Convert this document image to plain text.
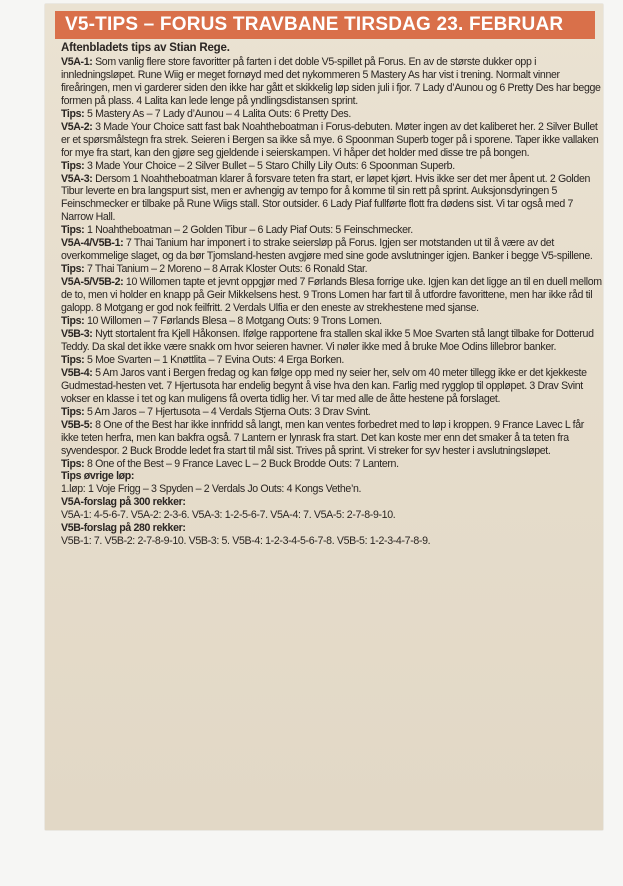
V5-TIPS – FORUS TRAVBANE TIRSDAG 23. FEBRUAR
Aftenbladets tips av Stian Rege.

V5A-1: Som vanlig flere store favoritter på farten i det doble V5-spillet på Forus. En av de største dukker opp i innledningsløpet. Rune Wiig er meget fornøyd med det nykommeren 5 Mastery As har vist i trening. Normalt vinner fireåringen, men vi garderer siden den ikke har gått et skikkelig løp siden juli i fjor. 7 Lady d’Aunou og 6 Pretty Des har begge formen på plass. 4 Lalita kan lede lenge på yndlingsdistansen sprint.

Tips: 5 Mastery As – 7 Lady d’Aunou – 4 Lalita Outs: 6 Pretty Des.

V5A-2: 3 Made Your Choice satt fast bak Noahtheboatman i Forus-debuten. Møter ingen av det kaliberet her. 2 Silver Bullet er et spørsmålstegn fra strek. Seieren i Bergen sa ikke så mye. 6 Spoonman Superb toger på i sporene. Taper ikke vallaken for mye fra start, kan den gjøre seg gjeldende i seierskampen. Vi håper det holder med disse tre på bongen.

Tips: 3 Made Your Choice – 2 Silver Bullet – 5 Staro Chilly Lily Outs: 6 Spoonman Superb.

V5A-3: Dersom 1 Noahtheboatman klarer å forsvare teten fra start, er løpet kjørt. Hvis ikke ser det mer åpent ut. 2 Golden Tibur leverte en bra langspurt sist, men er avhengig av tempo for å komme til sin rett på sprint. Auksjonsdyringen 5 Feinschmecker er tilbake på Rune Wiigs stall. Stor outsider. 6 Lady Piaf fullførte flott fra dødens sist. Vi tar også med 7 Narrow Hall.

Tips: 1 Noahtheboatman – 2 Golden Tibur – 6 Lady Piaf Outs: 5 Feinschmecker.

V5A-4/V5B-1: 7 Thai Tanium har imponert i to strake seiersløp på Forus. Igjen ser motstanden ut til å være av det overkommelige slaget, og da bør Tjomsland-hesten avgjøre med sine gode avslutninger igjen. Banker i begge V5-spillene.

Tips: 7 Thai Tanium – 2 Moreno – 8 Arrak Kloster Outs: 6 Ronald Star.

V5A-5/V5B-2: 10 Willomen tapte et jevnt oppgjør med 7 Førlands Blesa forrige uke. Igjen kan det ligge an til en duell mellom de to, men vi holder en knapp på Geir Mikkelsens hest. 9 Trons Lomen har fart til å utfordre favorittene, men har ikke råd til galopp. 8 Motgang er god nok feilfritt. 2 Verdals Ulfia er den eneste av strekhestene med sjanse.

Tips: 10 Willomen – 7 Førlands Blesa – 8 Motgang Outs: 9 Trons Lomen.

V5B-3: Nytt stortalent fra Kjell Håkonsen. Ifølge rapportene fra stallen skal ikke 5 Moe Svarten stå langt tilbake for Dotterud Teddy. Da skal det ikke være snakk om hvor seieren havner. Vi nøler ikke med å bruke Moe Odins lillebror banker.

Tips: 5 Moe Svarten – 1 Knøttlita – 7 Evina Outs: 4 Erga Borken.

V5B-4: 5 Am Jaros vant i Bergen fredag og kan følge opp med ny seier her, selv om 40 meter tillegg ikke er det kjekkeste Gudmestad-hesten vet. 7 Hjertusota har endelig begynt å vise hva den kan. Farlig med rygglop til oppløpet. 3 Drav Svint vokser en klasse i tet og kan muligens få overta tidlig her. Vi tar med alle de åtte hestene på forslaget.

Tips: 5 Am Jaros – 7 Hjertusota – 4 Verdals Stjerna Outs: 3 Drav Svint.

V5B-5: 8 One of the Best har ikke innfridd så langt, men kan ventes forbedret med to løp i kroppen. 9 France Lavec L får ikke teten herfra, men kan bakfra også. 7 Lantern er lynrask fra start. Det kan koste mer enn det smaker å ta teten fra syvendespor. 2 Buck Brodde ledet fra start til mål sist. Trives på sprint. Vi streker for syv hester i avslutningsløpet.

Tips: 8 One of the Best – 9 France Lavec L – 2 Buck Brodde Outs: 7 Lantern.

Tips øvrige løp:

1.løp: 1 Voje Frigg – 3 Spyden – 2 Verdals Jo Outs: 4 Kongs Vethe’n.

V5A-forslag på 300 rekker:

V5A-1: 4-5-6-7. V5A-2: 2-3-6. V5A-3: 1-2-5-6-7. V5A-4: 7. V5A-5: 2-7-8-9-10.

V5B-forslag på 280 rekker:

V5B-1: 7. V5B-2: 2-7-8-9-10. V5B-3: 5. V5B-4: 1-2-3-4-5-6-7-8. V5B-5: 1-2-3-4-7-8-9.
